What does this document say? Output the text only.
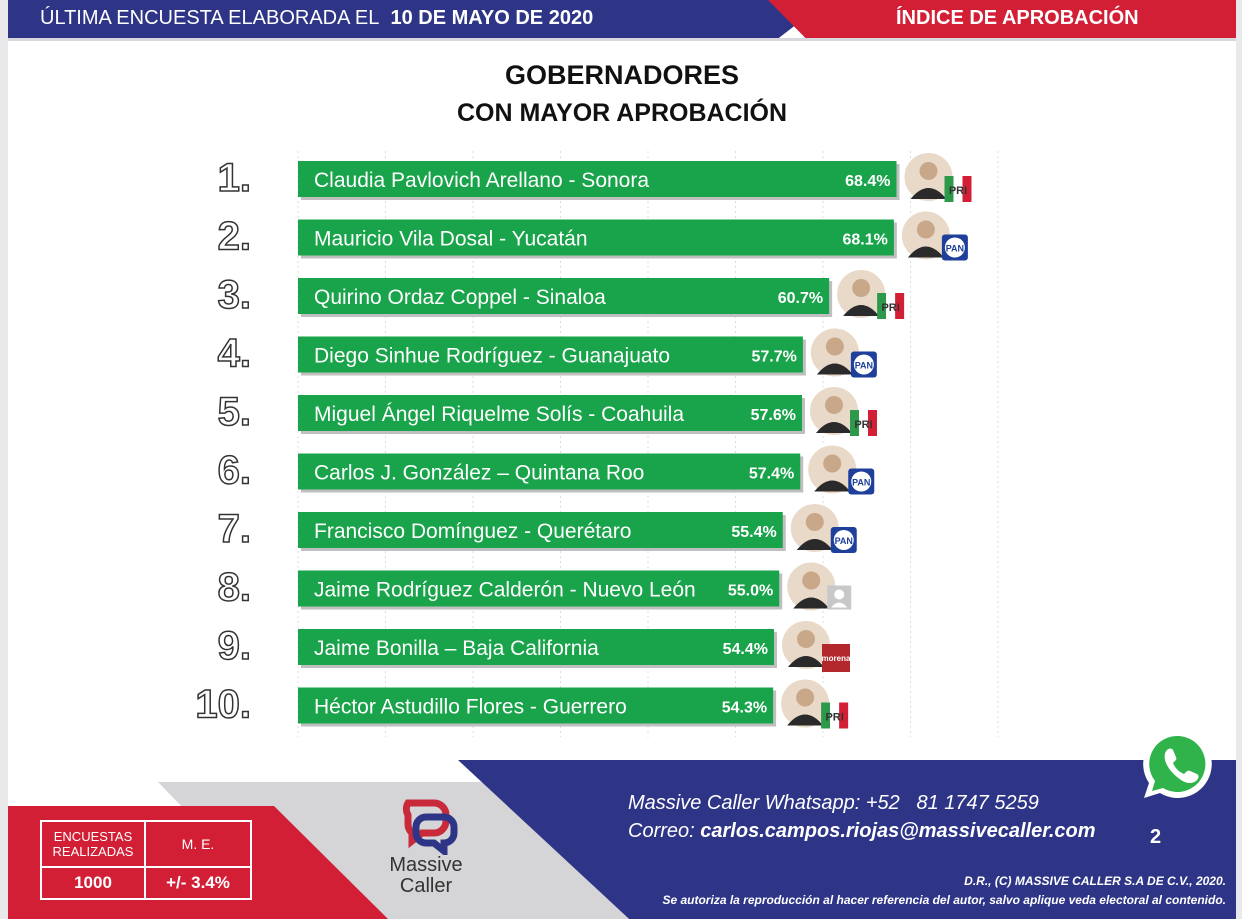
ÚLTIMA ENCUESTA ELABORADA EL 10 DE MAYO DE 2020	ÍNDICE DE APROBACIÓN
GOBERNADORES
CON MAYOR APROBACIÓN
1.	Claudia Pavlovich Arellano - Sonora	68.4%
PRI
2.	Mauricio Vila Dosal - Yucatán	68.1%	PAN
3.	Quirino Ordaz Coppel - Sinaloa	60.7%
PRI
4.	Diego Sinhue Rodríguez - Guanajuato	57.7%	PAN
5.	Miguel Ángel Riquelme Solís - Coahuila	57.6%
PRI
6.	Carlos J. González – Quintana Roo	57.4%	PAN
7.	Francisco Domínguez - Querétaro	55.4%	PAN
8.	Jaime Rodríguez Calderón - Nuevo León 55.0%
9.	Jaime Bonilla – Baja California	54.4%
morena
10.	Héctor Astudillo Flores - Guerrero	54.3%
PRI
ENCUESTAS REALIZADAS	M. E.
1000	+/- 3.4%
Massive
Caller
Massive Caller Whatsapp: +52 81 1747 5259
Correo: carlos.campos.riojas@massivecaller.com	2
D.R., (C) MASSIVE CALLER S.A DE C.V., 2020.
Se autoriza la reproducción al hacer referencia del autor, salvo aplique veda electoral al contenido.
